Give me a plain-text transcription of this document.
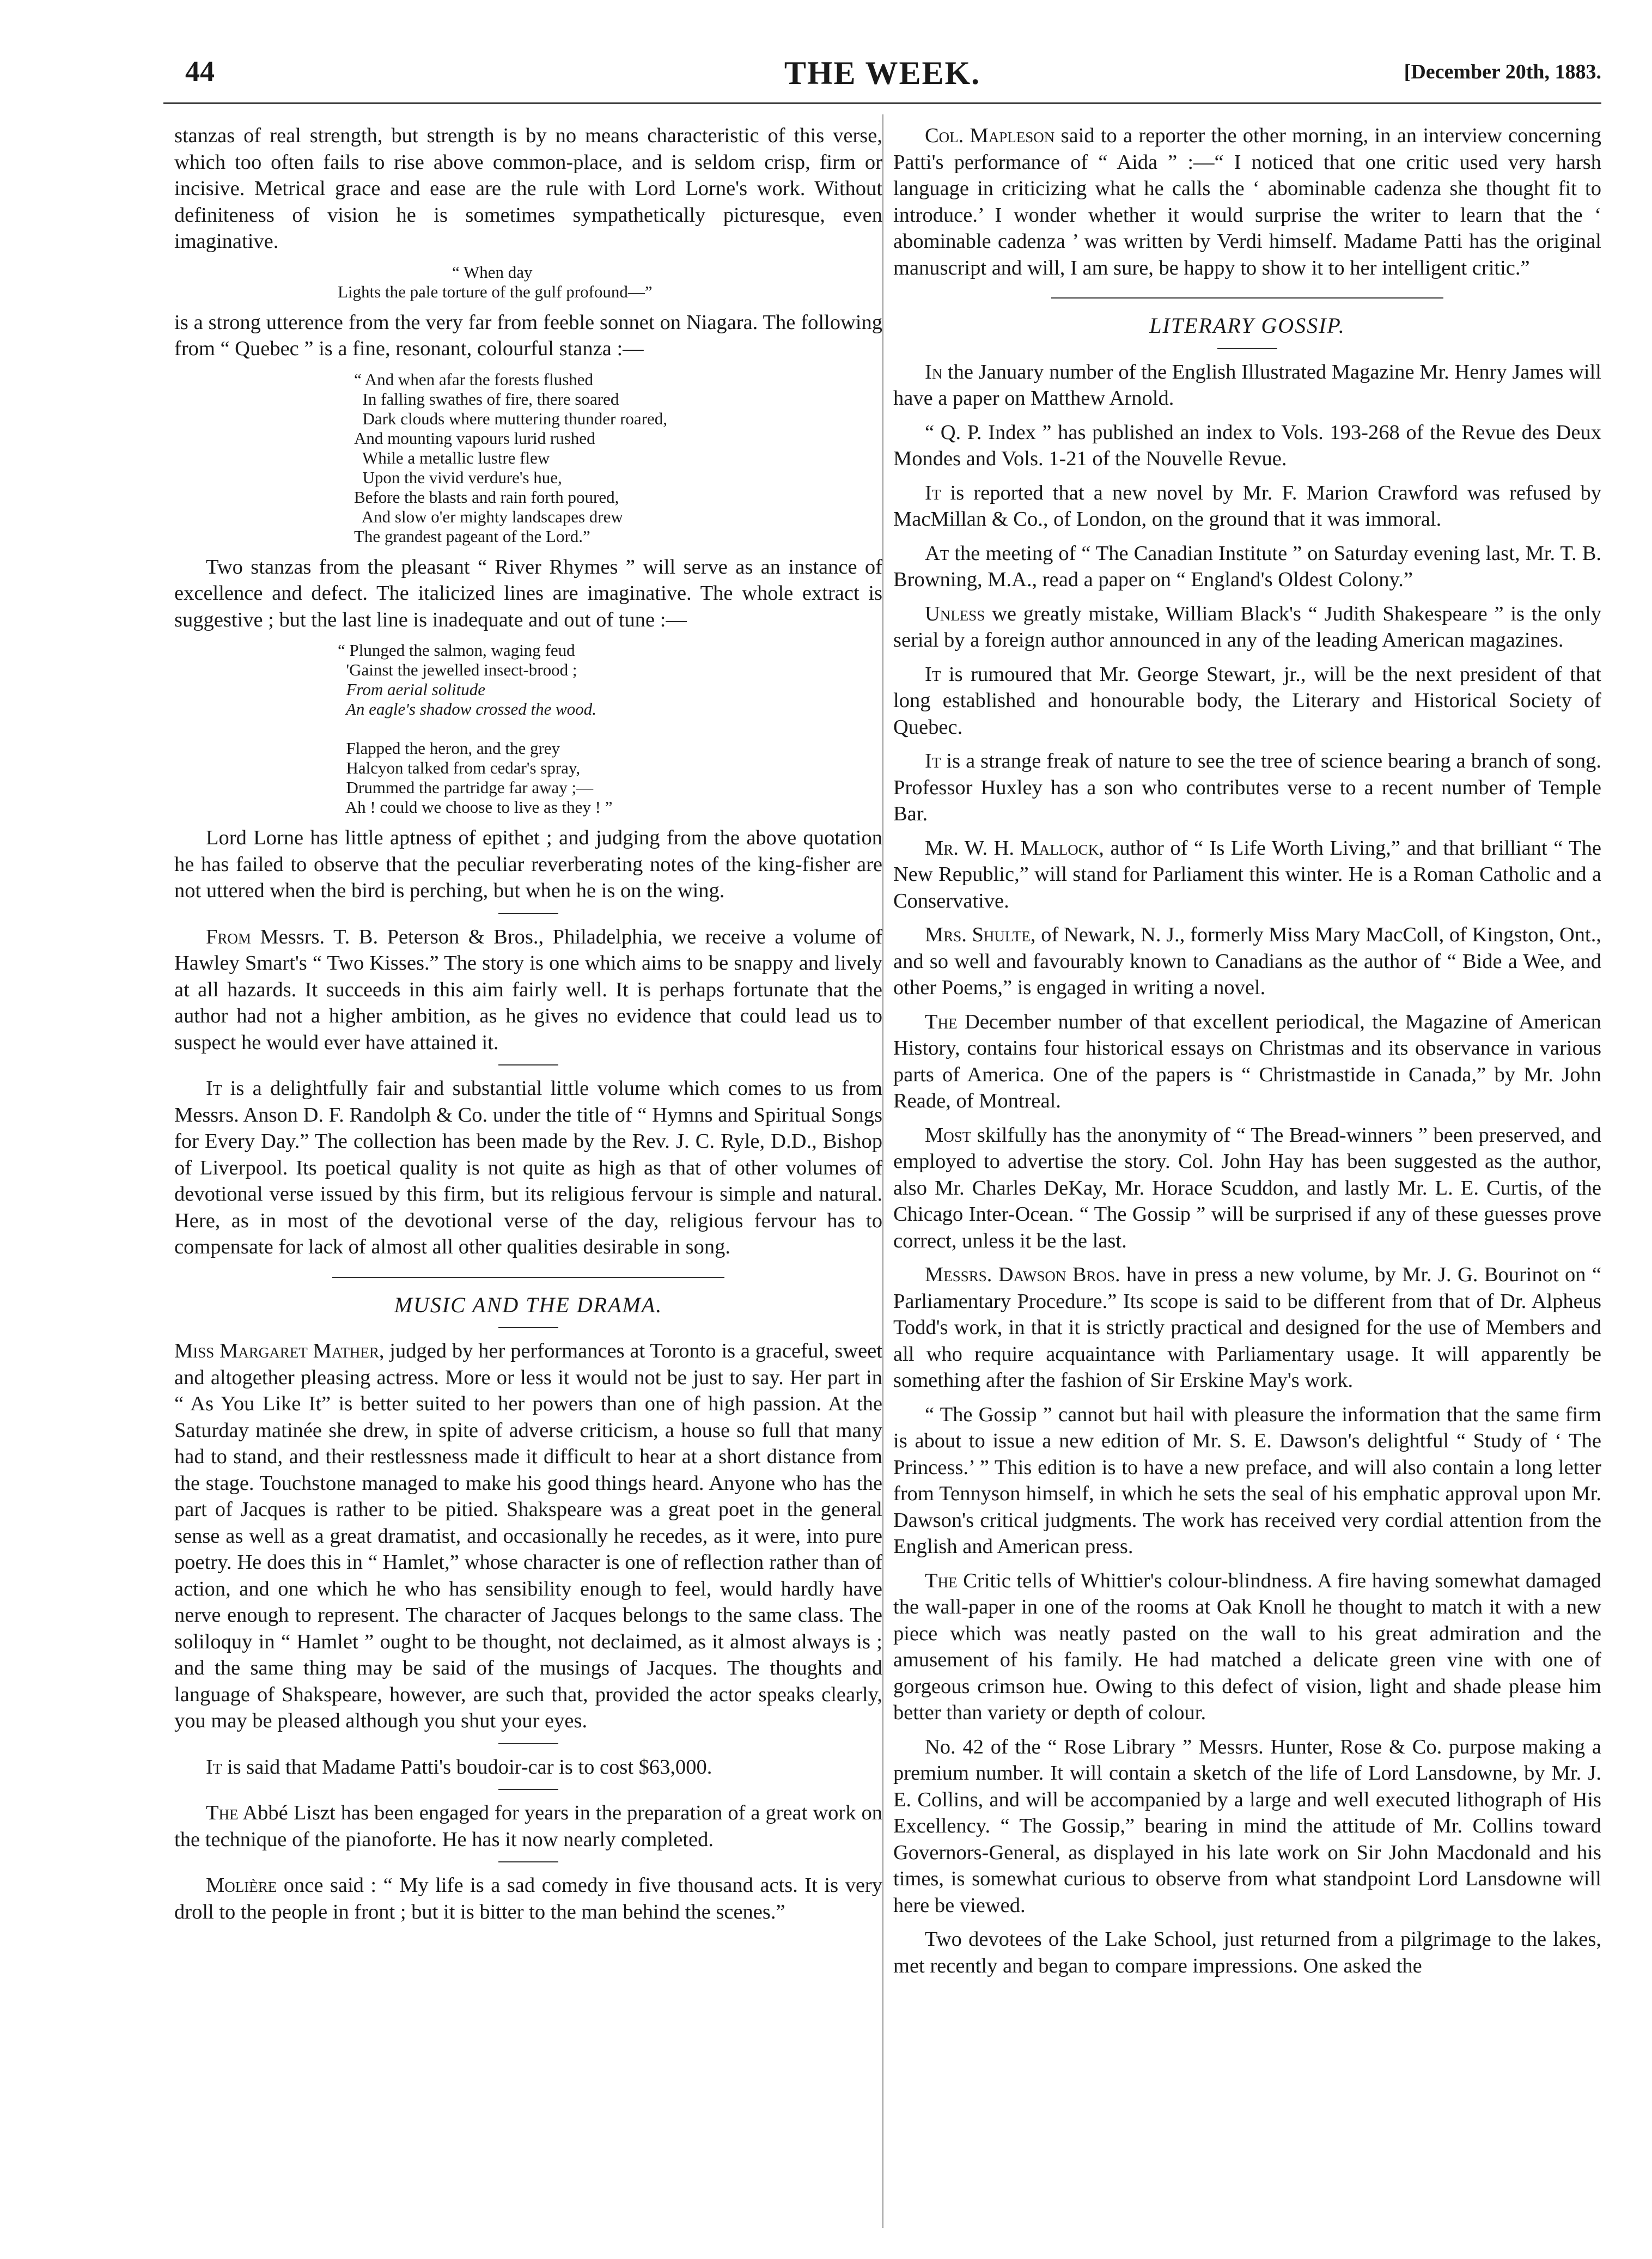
44	THE WEEK.	[December 20th, 1883.

stanzas of real strength, but strength is by no means characteristic of this verse, which too often fails to rise above common-place, and is seldom crisp, firm or incisive. Metrical grace and ease are the rule with Lord Lorne's work. Without definiteness of vision he is sometimes sympathetically picturesque, even imaginative.

“ When day
Lights the pale torture of the gulf profound—”

is a strong utterence from the very far from feeble sonnet on Niagara. The following from “ Quebec ” is a fine, resonant, colourful stanza :—

“ And when afar the forests flushed
In falling swathes of fire, there soared
Dark clouds where muttering thunder roared,
And mounting vapours lurid rushed
While a metallic lustre flew
Upon the vivid verdure's hue,
Before the blasts and rain forth poured,
And slow o'er mighty landscapes drew
The grandest pageant of the Lord.”

Two stanzas from the pleasant “ River Rhymes ” will serve as an instance of excellence and defect. The italicized lines are imaginative. The whole extract is suggestive ; but the last line is inadequate and out of tune :—

“ Plunged the salmon, waging feud
'Gainst the jewelled insect-brood ;
From aerial solitude
An eagle's shadow crossed the wood.

Flapped the heron, and the grey
Halcyon talked from cedar's spray,
Drummed the partridge far away ;—
Ah ! could we choose to live as they ! ”

Lord Lorne has little aptness of epithet ; and judging from the above quotation he has failed to observe that the peculiar reverberating notes of the king-fisher are not uttered when the bird is perching, but when he is on the wing.

From Messrs. T. B. Peterson & Bros., Philadelphia, we receive a volume of Hawley Smart's “ Two Kisses.” The story is one which aims to be snappy and lively at all hazards. It succeeds in this aim fairly well. It is perhaps fortunate that the author had not a higher ambition, as he gives no evidence that could lead us to suspect he would ever have attained it.

It is a delightfully fair and substantial little volume which comes to us from Messrs. Anson D. F. Randolph & Co. under the title of “ Hymns and Spiritual Songs for Every Day.” The collection has been made by the Rev. J. C. Ryle, D.D., Bishop of Liverpool. Its poetical quality is not quite as high as that of other volumes of devotional verse issued by this firm, but its religious fervour is simple and natural. Here, as in most of the devotional verse of the day, religious fervour has to compensate for lack of almost all other qualities desirable in song.

MUSIC AND THE DRAMA.

Miss Margaret Mather, judged by her performances at Toronto is a graceful, sweet and altogether pleasing actress. More or less it would not be just to say. Her part in “ As You Like It” is better suited to her powers than one of high passion. At the Saturday matinée she drew, in spite of adverse criticism, a house so full that many had to stand, and their restlessness made it difficult to hear at a short distance from the stage. Touchstone managed to make his good things heard. Anyone who has the part of Jacques is rather to be pitied. Shakspeare was a great poet in the general sense as well as a great dramatist, and occasionally he recedes, as it were, into pure poetry. He does this in “ Hamlet,” whose character is one of reflection rather than of action, and one which he who has sensibility enough to feel, would hardly have nerve enough to represent. The character of Jacques belongs to the same class. The soliloquy in “ Hamlet ” ought to be thought, not declaimed, as it almost always is ; and the same thing may be said of the musings of Jacques. The thoughts and language of Shakspeare, however, are such that, provided the actor speaks clearly, you may be pleased although you shut your eyes.

It is said that Madame Patti's boudoir-car is to cost $63,000.

The Abbé Liszt has been engaged for years in the preparation of a great work on the technique of the pianoforte. He has it now nearly completed.

Molière once said : “ My life is a sad comedy in five thousand acts. It is very droll to the people in front ; but it is bitter to the man behind the scenes.”

Col. Mapleson said to a reporter the other morning, in an interview concerning Patti's performance of “ Aida ” :—“ I noticed that one critic used very harsh language in criticizing what he calls the ‘ abominable cadenza she thought fit to introduce.’ I wonder whether it would surprise the writer to learn that the ‘ abominable cadenza ’ was written by Verdi himself. Madame Patti has the original manuscript and will, I am sure, be happy to show it to her intelligent critic.”

LITERARY GOSSIP.

In the January number of the English Illustrated Magazine Mr. Henry James will have a paper on Matthew Arnold.

“ Q. P. Index ” has published an index to Vols. 193-268 of the Revue des Deux Mondes and Vols. 1-21 of the Nouvelle Revue.

It is reported that a new novel by Mr. F. Marion Crawford was refused by MacMillan & Co., of London, on the ground that it was immoral.

At the meeting of “ The Canadian Institute ” on Saturday evening last, Mr. T. B. Browning, M.A., read a paper on “ England's Oldest Colony.”

Unless we greatly mistake, William Black's “ Judith Shakespeare ” is the only serial by a foreign author announced in any of the leading American magazines.

It is rumoured that Mr. George Stewart, jr., will be the next president of that long established and honourable body, the Literary and Historical Society of Quebec.

It is a strange freak of nature to see the tree of science bearing a branch of song. Professor Huxley has a son who contributes verse to a recent number of Temple Bar.

Mr. W. H. Mallock, author of “ Is Life Worth Living,” and that brilliant “ The New Republic,” will stand for Parliament this winter. He is a Roman Catholic and a Conservative.

Mrs. Shulte, of Newark, N. J., formerly Miss Mary MacColl, of Kingston, Ont., and so well and favourably known to Canadians as the author of “ Bide a Wee, and other Poems,” is engaged in writing a novel.

The December number of that excellent periodical, the Magazine of American History, contains four historical essays on Christmas and its observance in various parts of America. One of the papers is “ Christmastide in Canada,” by Mr. John Reade, of Montreal.

Most skilfully has the anonymity of “ The Bread-winners ” been preserved, and employed to advertise the story. Col. John Hay has been suggested as the author, also Mr. Charles DeKay, Mr. Horace Scuddon, and lastly Mr. L. E. Curtis, of the Chicago Inter-Ocean. “ The Gossip ” will be surprised if any of these guesses prove correct, unless it be the last.

Messrs. Dawson Bros. have in press a new volume, by Mr. J. G. Bourinot on “ Parliamentary Procedure.” Its scope is said to be different from that of Dr. Alpheus Todd's work, in that it is strictly practical and designed for the use of Members and all who require acquaintance with Parliamentary usage. It will apparently be something after the fashion of Sir Erskine May's work.

“ The Gossip ” cannot but hail with pleasure the information that the same firm is about to issue a new edition of Mr. S. E. Dawson's delightful “ Study of ‘ The Princess.’ ” This edition is to have a new preface, and will also contain a long letter from Tennyson himself, in which he sets the seal of his emphatic approval upon Mr. Dawson's critical judgments. The work has received very cordial attention from the English and American press.

The Critic tells of Whittier's colour-blindness. A fire having somewhat damaged the wall-paper in one of the rooms at Oak Knoll he thought to match it with a new piece which was neatly pasted on the wall to his great admiration and the amusement of his family. He had matched a delicate green vine with one of gorgeous crimson hue. Owing to this defect of vision, light and shade please him better than variety or depth of colour.

No. 42 of the “ Rose Library ” Messrs. Hunter, Rose & Co. purpose making a premium number. It will contain a sketch of the life of Lord Lansdowne, by Mr. J. E. Collins, and will be accompanied by a large and well executed lithograph of His Excellency. “ The Gossip,” bearing in mind the attitude of Mr. Collins toward Governors-General, as displayed in his late work on Sir John Macdonald and his times, is somewhat curious to observe from what standpoint Lord Lansdowne will here be viewed.

Two devotees of the Lake School, just returned from a pilgrimage to the lakes, met recently and began to compare impressions. One asked the
